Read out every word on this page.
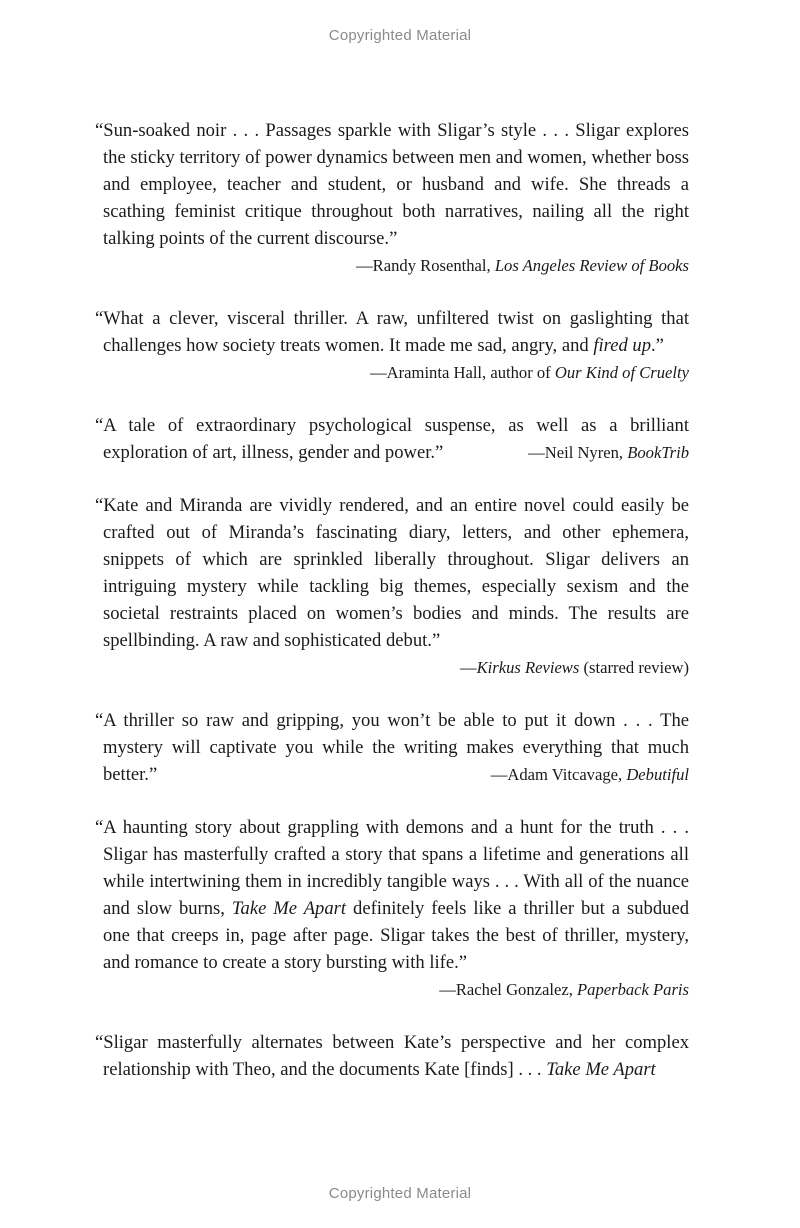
Copyrighted Material

“Sun-soaked noir . . . Passages sparkle with Sligar’s style . . . Sligar explores the sticky territory of power dynamics between men and women, whether boss and employee, teacher and student, or husband and wife. She threads a scathing feminist critique throughout both narratives, nailing all the right talking points of the current discourse.”

—Randy Rosenthal, Los Angeles Review of Books

“What a clever, visceral thriller. A raw, unfiltered twist on gaslighting that challenges how society treats women. It made me sad, angry, and fired up.”

—Araminta Hall, author of Our Kind of Cruelty

“A tale of extraordinary psychological suspense, as well as a brilliant exploration of art, illness, gender and power.”	—Neil Nyren, BookTrib

“Kate and Miranda are vividly rendered, and an entire novel could easily be crafted out of Miranda’s fascinating diary, letters, and other ephemera, snippets of which are sprinkled liberally throughout. Sligar delivers an intriguing mystery while tackling big themes, especially sexism and the societal restraints placed on women’s bodies and minds. The results are spellbinding. A raw and sophisticated debut.”

—Kirkus Reviews (starred review)

“A thriller so raw and gripping, you won’t be able to put it down . . . The mystery will captivate you while the writing makes everything that much better.”	—Adam Vitcavage, Debutiful

“A haunting story about grappling with demons and a hunt for the truth . . . Sligar has masterfully crafted a story that spans a lifetime and generations all while intertwining them in incredibly tangible ways . . . With all of the nuance and slow burns, Take Me Apart definitely feels like a thriller but a subdued one that creeps in, page after page. Sligar takes the best of thriller, mystery, and romance to create a story bursting with life.”

—Rachel Gonzalez, Paperback Paris

“Sligar masterfully alternates between Kate’s perspective and her complex relationship with Theo, and the documents Kate [finds] . . . Take Me Apart

Copyrighted Material
